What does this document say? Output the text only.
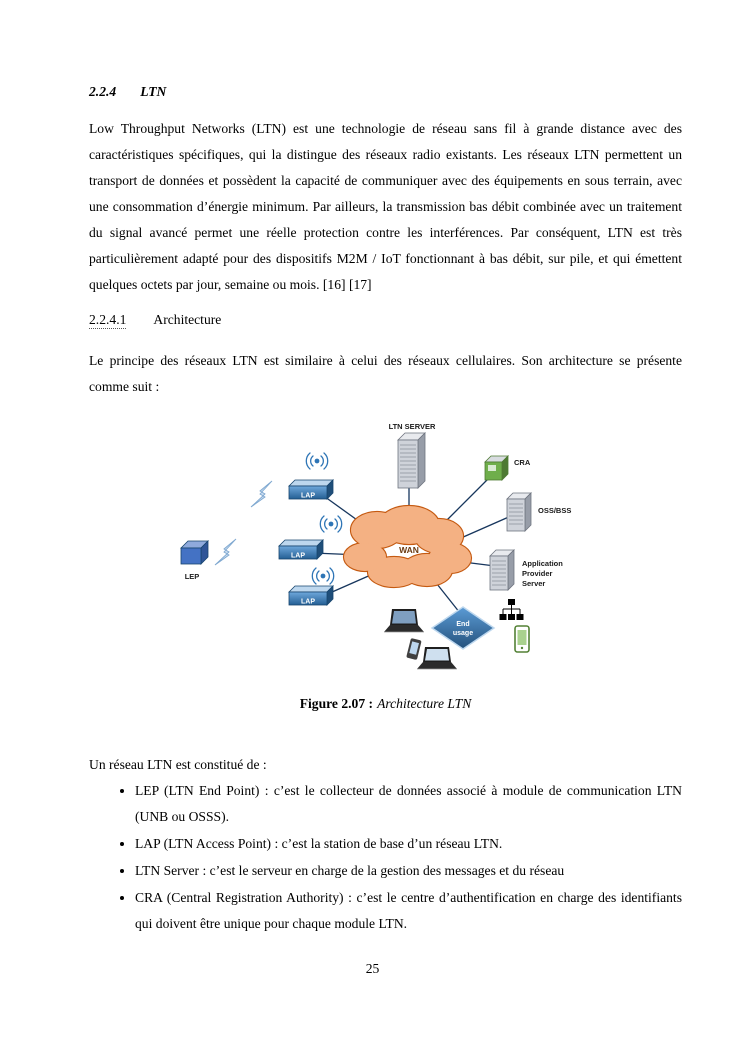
2.2.4 LTN

Low Throughput Networks (LTN) est une technologie de réseau sans fil à grande distance avec des caractéristiques spécifiques, qui la distingue des réseaux radio existants. Les réseaux LTN permettent un transport de données et possèdent la capacité de communiquer avec des équipements en sous terrain, avec une consommation d’énergie minimum. Par ailleurs, la transmission bas débit combinée avec un traitement du signal avancé permet une réelle protection contre les interférences. Par conséquent, LTN est très particulièrement adapté pour des dispositifs M2M / IoT fonctionnant à bas débit, sur pile, et qui émettent quelques octets par jour, semaine ou mois. [16] [17]

2.2.4.1 Architecture

Le principe des réseaux LTN est similaire à celui des réseaux cellulaires. Son architecture se présente comme suit :

WAN
LTN SERVER
CRA
OSS/BSS
Application
Provider
Server
LAP
LAP
LAP
LEP
End
usage
Figure 2.07 : Architecture LTN

Un réseau LTN est constitué de :

• LEP (LTN End Point) : c’est le collecteur de données associé à module de communication LTN (UNB ou OSSS).
• LAP (LTN Access Point) : c’est la station de base d’un réseau LTN.
• LTN Server : c’est le serveur en charge de la gestion des messages et du réseau
• CRA (Central Registration Authority) : c’est le centre d’authentification en charge des identifiants qui doivent être unique pour chaque module LTN.
25
